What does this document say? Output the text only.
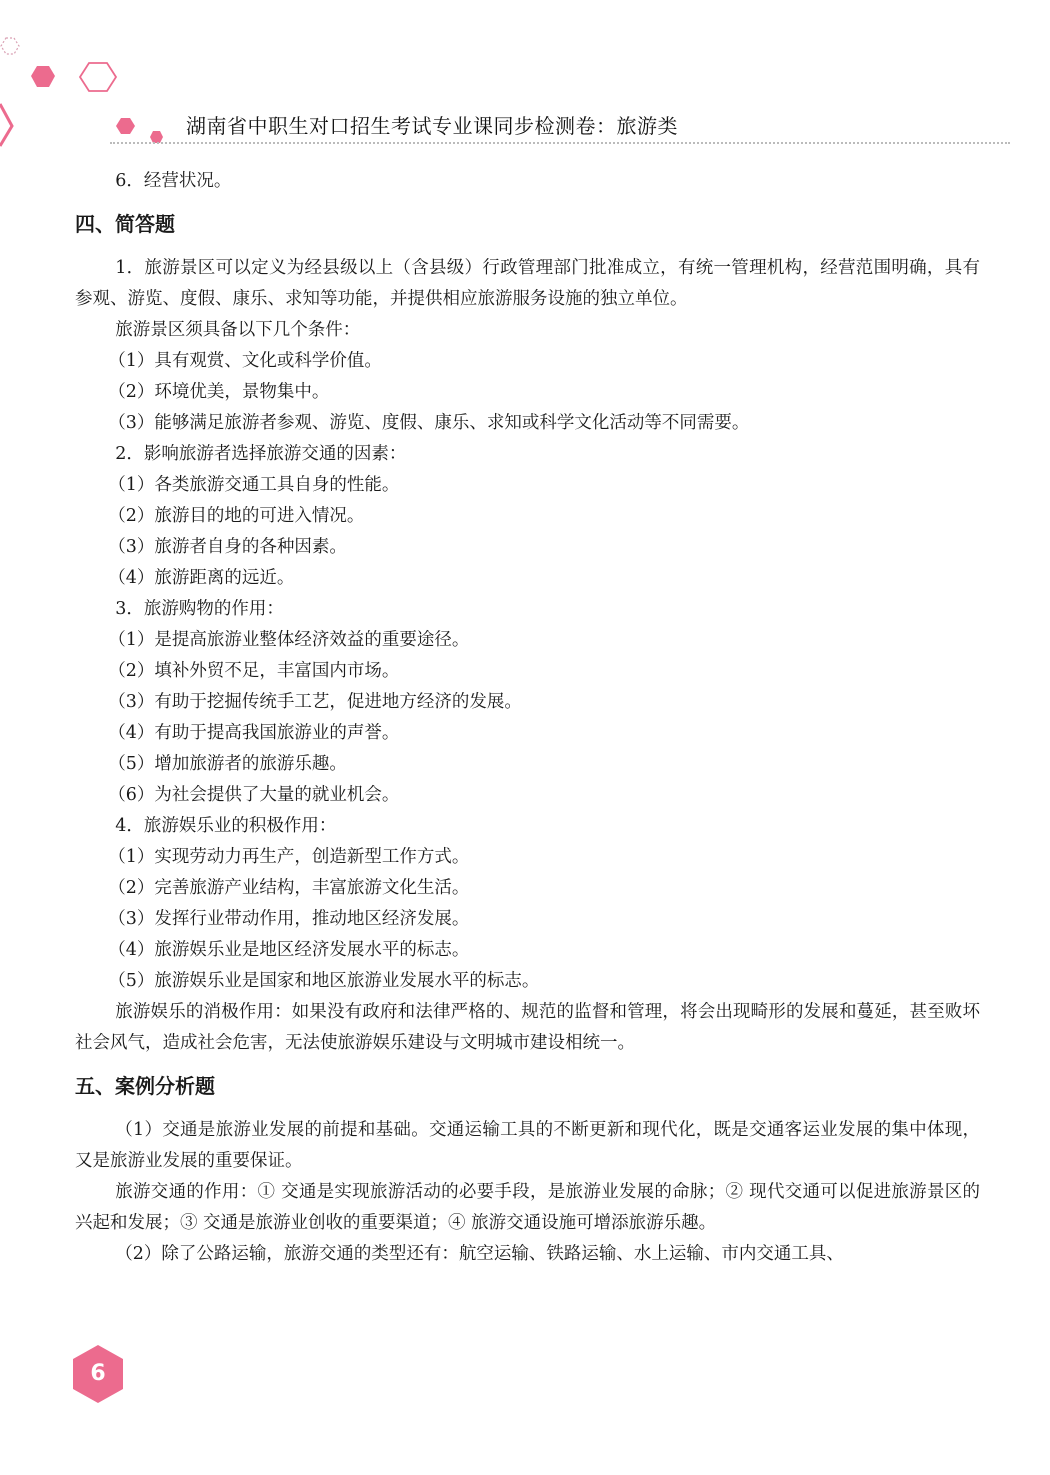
湖南省中职生对口招生考试专业课同步检测卷：旅游类

6．经营状况。

四、简答题

1．旅游景区可以定义为经县级以上（含县级）行政管理部门批准成立，有统一管理机构，经营范围明确，具有参观、游览、度假、康乐、求知等功能，并提供相应旅游服务设施的独立单位。

旅游景区须具备以下几个条件：

（1）具有观赏、文化或科学价值。

（2）环境优美，景物集中。

（3）能够满足旅游者参观、游览、度假、康乐、求知或科学文化活动等不同需要。

2．影响旅游者选择旅游交通的因素：

（1）各类旅游交通工具自身的性能。

（2）旅游目的地的可进入情况。

（3）旅游者自身的各种因素。

（4）旅游距离的远近。

3．旅游购物的作用：

（1）是提高旅游业整体经济效益的重要途径。

（2）填补外贸不足，丰富国内市场。

（3）有助于挖掘传统手工艺，促进地方经济的发展。

（4）有助于提高我国旅游业的声誉。

（5）增加旅游者的旅游乐趣。

（6）为社会提供了大量的就业机会。

4．旅游娱乐业的积极作用：

（1）实现劳动力再生产，创造新型工作方式。

（2）完善旅游产业结构，丰富旅游文化生活。

（3）发挥行业带动作用，推动地区经济发展。

（4）旅游娱乐业是地区经济发展水平的标志。

（5）旅游娱乐业是国家和地区旅游业发展水平的标志。

旅游娱乐的消极作用：如果没有政府和法律严格的、规范的监督和管理，将会出现畸形的发展和蔓延，甚至败坏社会风气，造成社会危害，无法使旅游娱乐建设与文明城市建设相统一。

五、案例分析题

（1）交通是旅游业发展的前提和基础。交通运输工具的不断更新和现代化，既是交通客运业发展的集中体现，又是旅游业发展的重要保证。

旅游交通的作用：① 交通是实现旅游活动的必要手段，是旅游业发展的命脉；② 现代交通可以促进旅游景区的兴起和发展；③ 交通是旅游业创收的重要渠道；④ 旅游交通设施可增添旅游乐趣。

（2）除了公路运输，旅游交通的类型还有：航空运输、铁路运输、水上运输、市内交通工具、

6
